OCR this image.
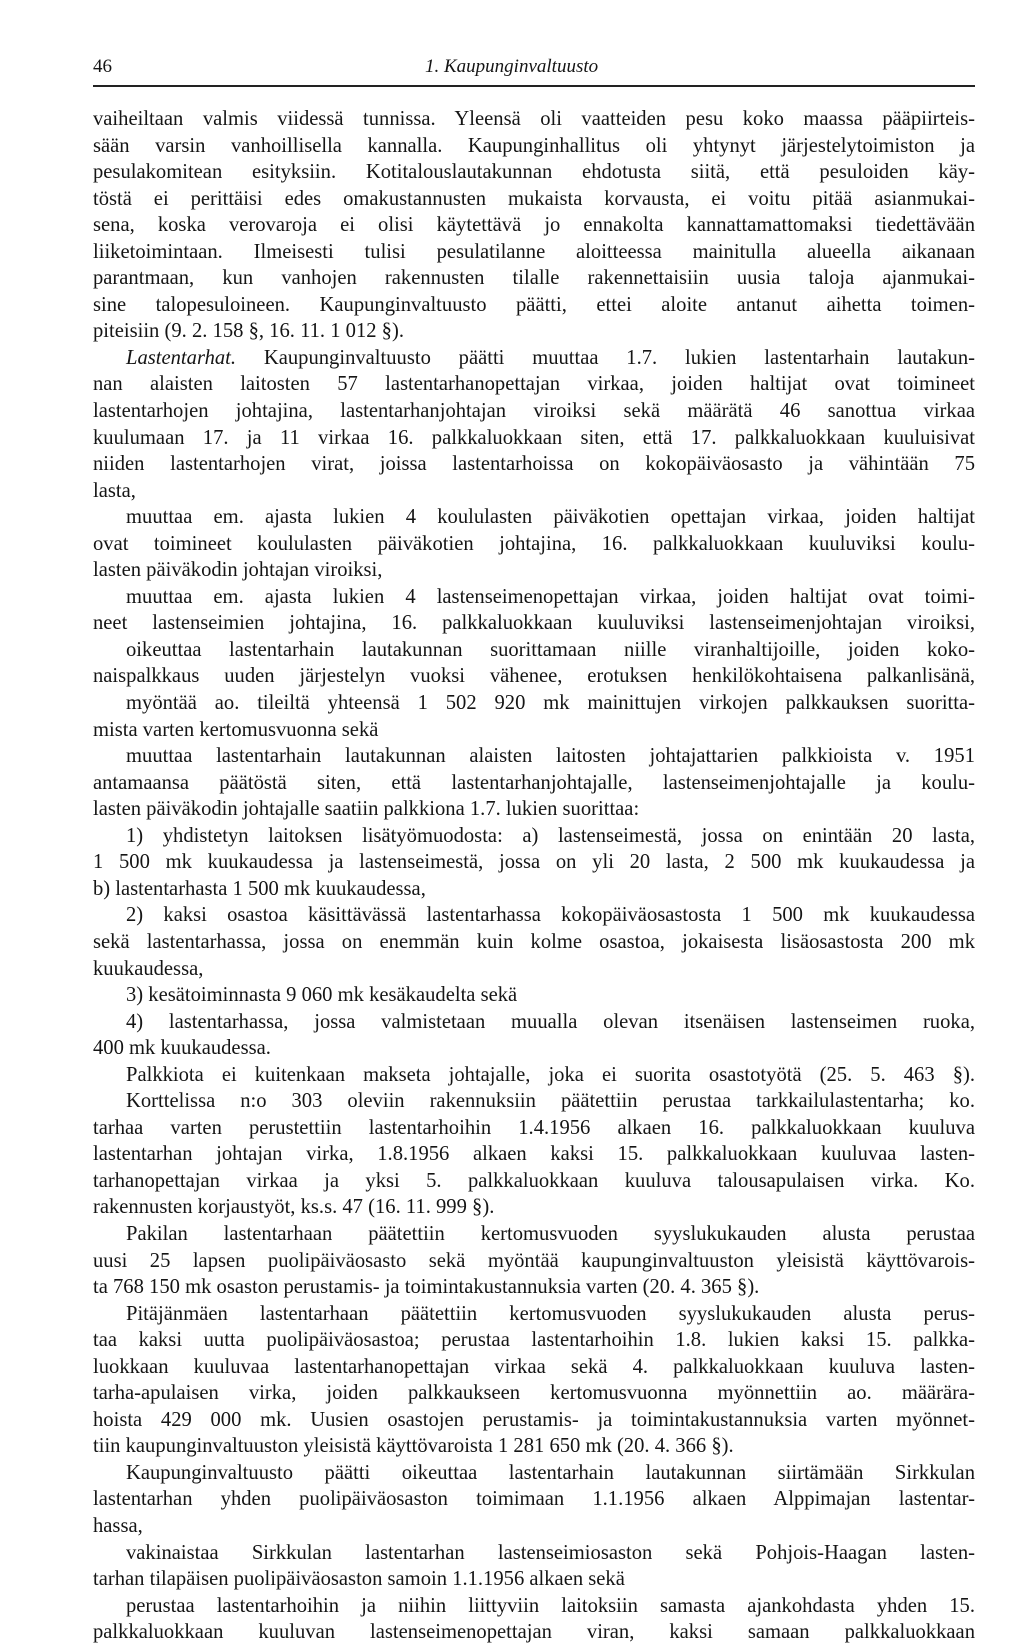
46	1. Kaupunginvaltuusto
vaiheiltaan valmis viidessä tunnissa. Yleensä oli vaatteiden pesu koko maassa pääpiirteis-
sään varsin vanhoillisella kannalla. Kaupunginhallitus oli yhtynyt järjestelytoimiston ja
pesulakomitean esityksiin. Kotitalouslautakunnan ehdotusta siitä, että pesuloiden käy-
töstä ei perittäisi edes omakustannusten mukaista korvausta, ei voitu pitää asianmukai-
sena, koska verovaroja ei olisi käytettävä jo ennakolta kannattamattomaksi tiedettävään
liiketoimintaan. Ilmeisesti tulisi pesulatilanne aloitteessa mainitulla alueella aikanaan
parantmaan, kun vanhojen rakennusten tilalle rakennettaisiin uusia taloja ajanmukai-
sine talopesuloineen. Kaupunginvaltuusto päätti, ettei aloite antanut aihetta toimen-
piteisiin (9. 2. 158 §, 16. 11. 1 012 §).
Lastentarhat. Kaupunginvaltuusto päätti muuttaa 1.7. lukien lastentarhain lautakun-
nan alaisten laitosten 57 lastentarhanopettajan virkaa, joiden haltijat ovat toimineet
lastentarhojen johtajina, lastentarhanjohtajan viroiksi sekä määrätä 46 sanottua virkaa
kuulumaan 17. ja 11 virkaa 16. palkkaluokkaan siten, että 17. palkkaluokkaan kuuluisivat
niiden lastentarhojen virat, joissa lastentarhoissa on kokopäiväosasto ja vähintään 75
lasta,
muuttaa em. ajasta lukien 4 koululasten päiväkotien opettajan virkaa, joiden haltijat
ovat toimineet koululasten päiväkotien johtajina, 16. palkkaluokkaan kuuluviksi koulu-
lasten päiväkodin johtajan viroiksi,
muuttaa em. ajasta lukien 4 lastenseimenopettajan virkaa, joiden haltijat ovat toimi-
neet lastenseimien johtajina, 16. palkkaluokkaan kuuluviksi lastenseimenjohtajan viroiksi,
oikeuttaa lastentarhain lautakunnan suorittamaan niille viranhaltijoille, joiden koko-
naispalkkaus uuden järjestelyn vuoksi vähenee, erotuksen henkilökohtaisena palkanlisänä,
myöntää ao. tileiltä yhteensä 1 502 920 mk mainittujen virkojen palkkauksen suoritta-
mista varten kertomusvuonna sekä
muuttaa lastentarhain lautakunnan alaisten laitosten johtajattarien palkkioista v. 1951
antamaansa päätöstä siten, että lastentarhanjohtajalle, lastenseimenjohtajalle ja koulu-
lasten päiväkodin johtajalle saatiin palkkiona 1.7. lukien suorittaa:
1) yhdistetyn laitoksen lisätyömuodosta: a) lastenseimestä, jossa on enintään 20 lasta,
1 500 mk kuukaudessa ja lastenseimestä, jossa on yli 20 lasta, 2 500 mk kuukaudessa ja
b) lastentarhasta 1 500 mk kuukaudessa,
2) kaksi osastoa käsittävässä lastentarhassa kokopäiväosastosta 1 500 mk kuukaudessa
sekä lastentarhassa, jossa on enemmän kuin kolme osastoa, jokaisesta lisäosastosta 200 mk
kuukaudessa,
3) kesätoiminnasta 9 060 mk kesäkaudelta sekä
4) lastentarhassa, jossa valmistetaan muualla olevan itsenäisen lastenseimen ruoka,
400 mk kuukaudessa.
Palkkiota ei kuitenkaan makseta johtajalle, joka ei suorita osastotyötä (25. 5. 463 §).
Korttelissa n:o 303 oleviin rakennuksiin päätettiin perustaa tarkkailulastentarha; ko.
tarhaa varten perustettiin lastentarhoihin 1.4.1956 alkaen 16. palkkaluokkaan kuuluva
lastentarhan johtajan virka, 1.8.1956 alkaen kaksi 15. palkkaluokkaan kuuluvaa lasten-
tarhanopettajan virkaa ja yksi 5. palkkaluokkaan kuuluva talousapulaisen virka. Ko.
rakennusten korjaustyöt, ks.s. 47 (16. 11. 999 §).
Pakilan lastentarhaan päätettiin kertomusvuoden syyslukukauden alusta perustaa
uusi 25 lapsen puolipäiväosasto sekä myöntää kaupunginvaltuuston yleisistä käyttövarois-
ta 768 150 mk osaston perustamis- ja toimintakustannuksia varten (20. 4. 365 §).
Pitäjänmäen lastentarhaan päätettiin kertomusvuoden syyslukukauden alusta perus-
taa kaksi uutta puolipäiväosastoa; perustaa lastentarhoihin 1.8. lukien kaksi 15. palkka-
luokkaan kuuluvaa lastentarhanopettajan virkaa sekä 4. palkkaluokkaan kuuluva lasten-
tarha-apulaisen virka, joiden palkkaukseen kertomusvuonna myönnettiin ao. määrära-
hoista 429 000 mk. Uusien osastojen perustamis- ja toimintakustannuksia varten myönnet-
tiin kaupunginvaltuuston yleisistä käyttövaroista 1 281 650 mk (20. 4. 366 §).
Kaupunginvaltuusto päätti oikeuttaa lastentarhain lautakunnan siirtämään Sirkkulan
lastentarhan yhden puolipäiväosaston toimimaan 1.1.1956 alkaen Alppimajan lastentar-
hassa,
vakinaistaa Sirkkulan lastentarhan lastenseimiosaston sekä Pohjois-Haagan lasten-
tarhan tilapäisen puolipäiväosaston samoin 1.1.1956 alkaen sekä
perustaa lastentarhoihin ja niihin liittyviin laitoksiin samasta ajankohdasta yhden 15.
palkkaluokkaan kuuluvan lastenseimenopettajan viran, kaksi samaan palkkaluokkaan
